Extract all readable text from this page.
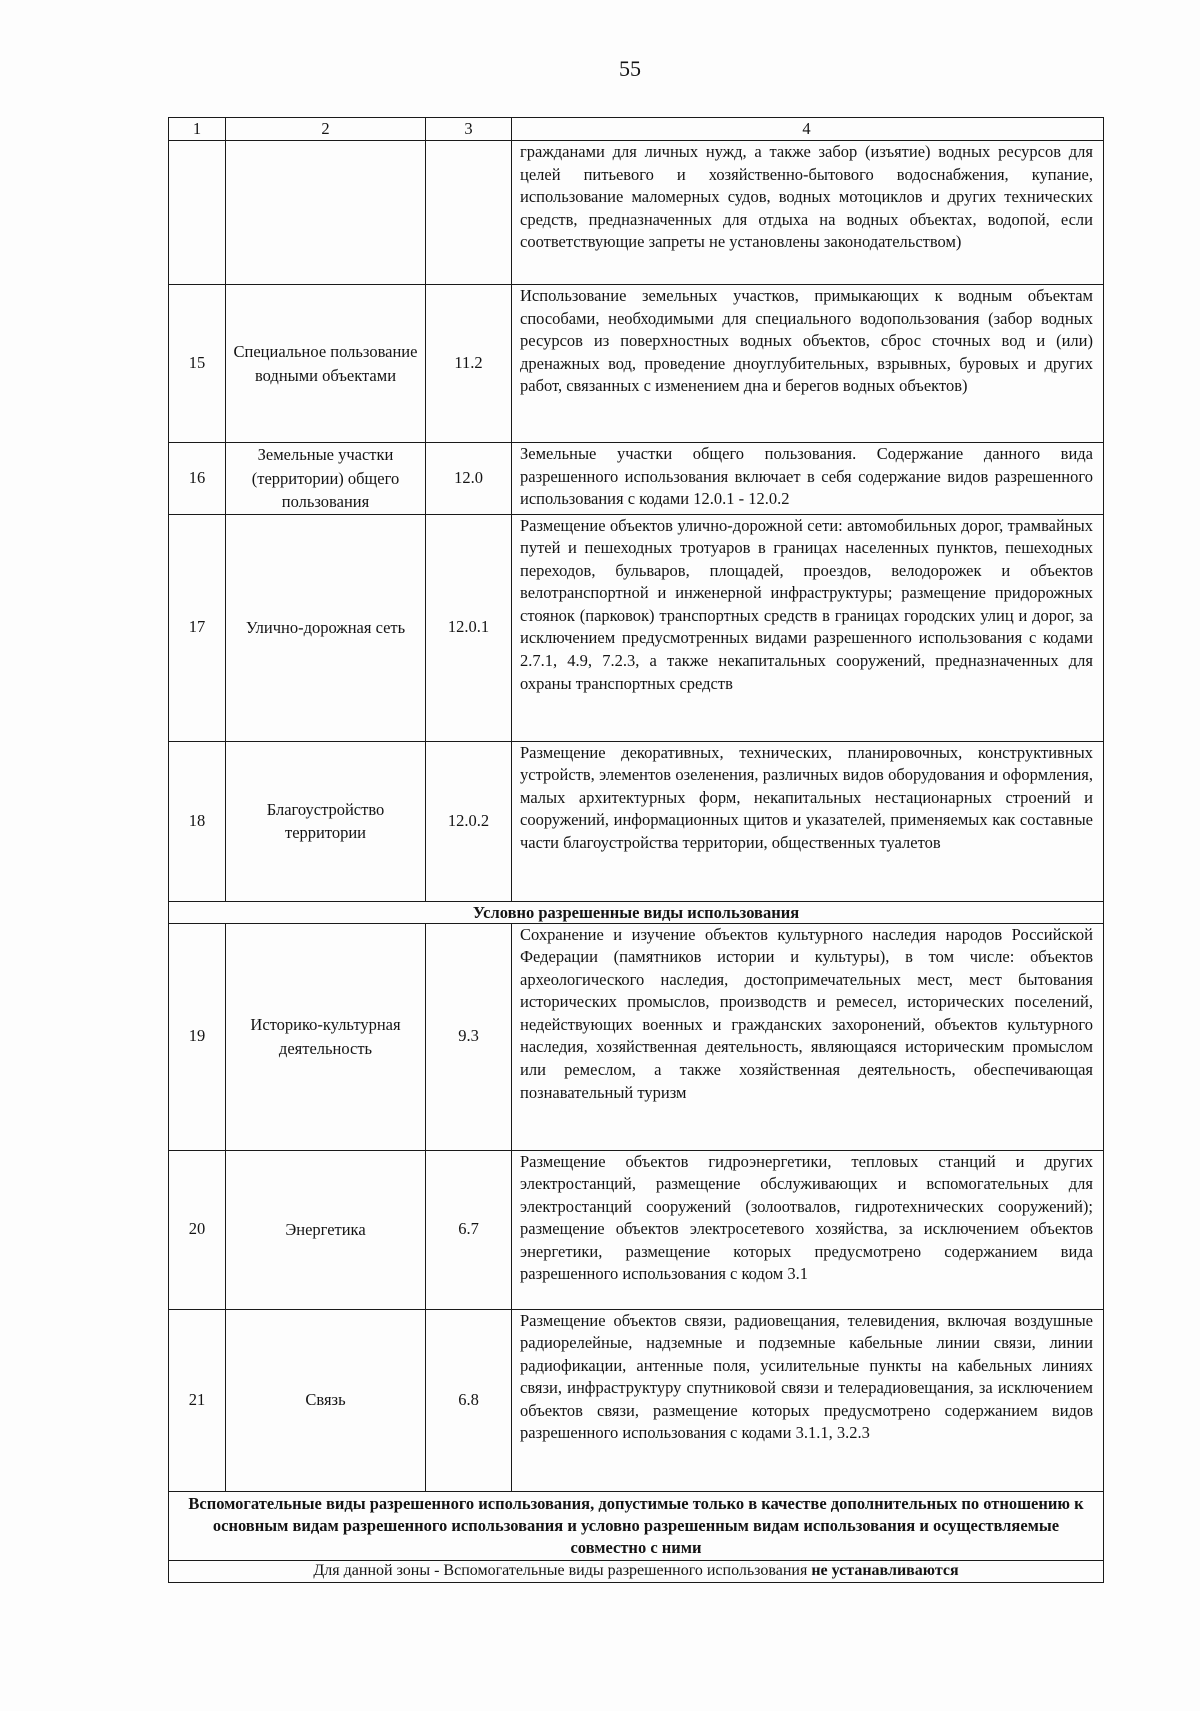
55
1	2	3	4
			гражданами для личных нужд, а также забор (изъятие) водных ресурсов для целей питьевого и хозяйственно-бытового водоснабжения, купание, использование маломерных судов, водных мотоциклов и других технических средств, предназначенных для отдыха на водных объектах, водопой, если соответствующие запреты не установлены законодательством)
15	Специальное пользование водными объектами	11.2	Использование земельных участков, примыкающих к водным объектам способами, необходимыми для специального водопользования (забор водных ресурсов из поверхностных водных объектов, сброс сточных вод и (или) дренажных вод, проведение дноуглубительных, взрывных, буровых и других работ, связанных с изменением дна и берегов водных объектов)
16	Земельные участки (территории) общего пользования	12.0	Земельные участки общего пользования. Содержание данного вида разрешенного использования включает в себя содержание видов разрешенного использования с кодами 12.0.1 - 12.0.2
17	Улично-дорожная сеть	12.0.1	Размещение объектов улично-дорожной сети: автомобильных дорог, трамвайных путей и пешеходных тротуаров в границах населенных пунктов, пешеходных переходов, бульваров, площадей, проездов, велодорожек и объектов велотранспортной и инженерной инфраструктуры; размещение придорожных стоянок (парковок) транспортных средств в границах городских улиц и дорог, за исключением предусмотренных видами разрешенного использования с кодами 2.7.1, 4.9, 7.2.3, а также некапитальных сооружений, предназначенных для охраны транспортных средств
18	Благоустройство территории	12.0.2	Размещение декоративных, технических, планировочных, конструктивных устройств, элементов озеленения, различных видов оборудования и оформления, малых архитектурных форм, некапитальных нестационарных строений и сооружений, информационных щитов и указателей, применяемых как составные части благоустройства территории, общественных туалетов
Условно разрешенные виды использования			
19	Историко-культурная деятельность	9.3	Сохранение и изучение объектов культурного наследия народов Российской Федерации (памятников истории и культуры), в том числе: объектов археологического наследия, достопримечательных мест, мест бытования исторических промыслов, производств и ремесел, исторических поселений, недействующих военных и гражданских захоронений, объектов культурного наследия, хозяйственная деятельность, являющаяся историческим промыслом или ремеслом, а также хозяйственная деятельность, обеспечивающая познавательный туризм
20	Энергетика	6.7	Размещение объектов гидроэнергетики, тепловых станций и других электростанций, размещение обслуживающих и вспомогательных для электростанций сооружений (золоотвалов, гидротехнических сооружений); размещение объектов электросетевого хозяйства, за исключением объектов энергетики, размещение которых предусмотрено содержанием вида разрешенного использования с кодом 3.1
21	Связь	6.8	Размещение объектов связи, радиовещания, телевидения, включая воздушные радиорелейные, надземные и подземные кабельные линии связи, линии радиофикации, антенные поля, усилительные пункты на кабельных линиях связи, инфраструктуру спутниковой связи и телерадиовещания, за исключением объектов связи, размещение которых предусмотрено содержанием видов разрешенного использования с кодами 3.1.1, 3.2.3
Вспомогательные виды разрешенного использования, допустимые только в качестве дополнительных по отношению к основным видам разрешенного использования и условно разрешенным видам использования и осуществляемые совместно с ними			
Для данной зоны - Вспомогательные виды разрешенного использования не устанавливаются			
